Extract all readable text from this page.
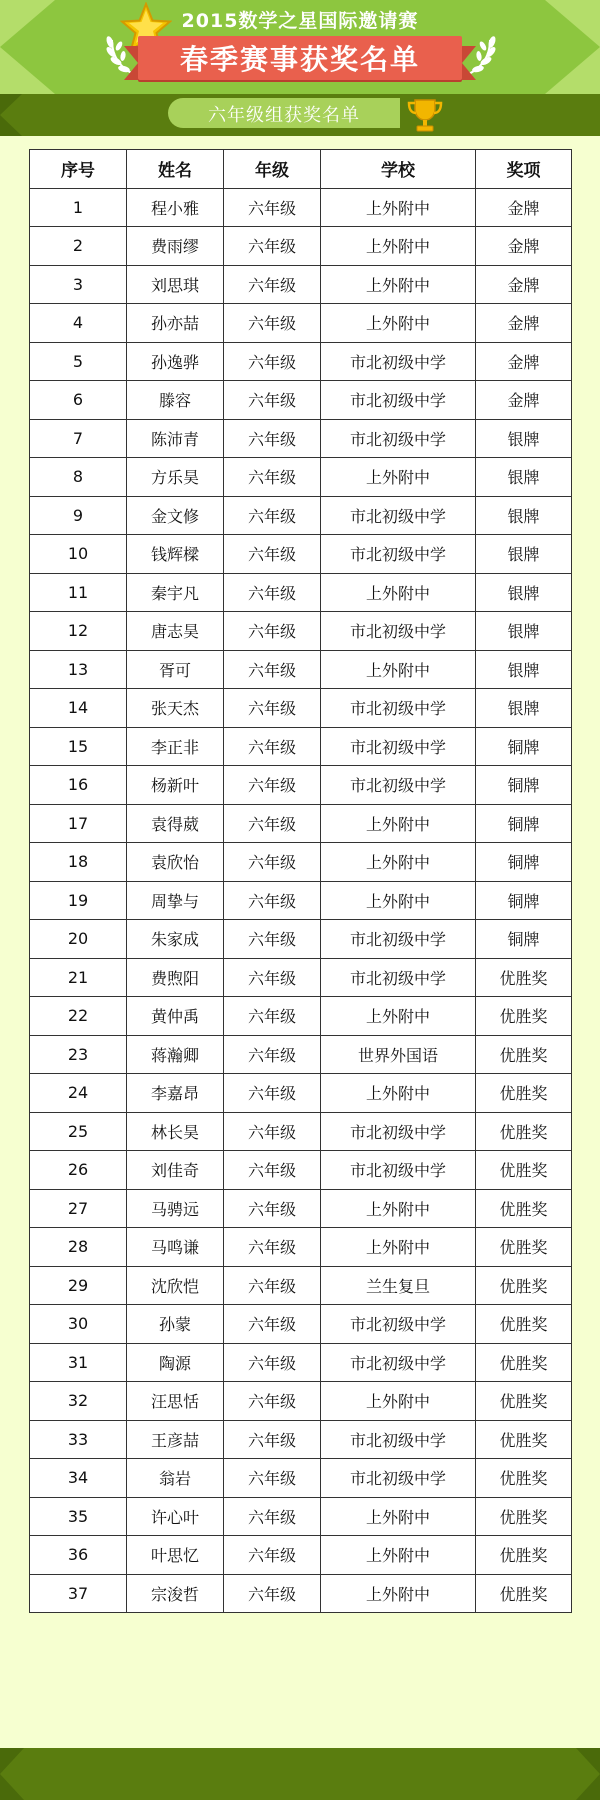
2015数学之星国际邀请赛
春季赛事获奖名单
六年级组获奖名单
序号	姓名	年级	学校	奖项
1	程小雅	六年级	上外附中	金牌
2	费雨缪	六年级	上外附中	金牌
3	刘思琪	六年级	上外附中	金牌
4	孙亦喆	六年级	上外附中	金牌
5	孙逸骅	六年级	市北初级中学	金牌
6	滕容	六年级	市北初级中学	金牌
7	陈沛青	六年级	市北初级中学	银牌
8	方乐昊	六年级	上外附中	银牌
9	金文修	六年级	市北初级中学	银牌
10	钱辉樑	六年级	市北初级中学	银牌
11	秦宇凡	六年级	上外附中	银牌
12	唐志昊	六年级	市北初级中学	银牌
13	胥可	六年级	上外附中	银牌
14	张天杰	六年级	市北初级中学	银牌
15	李正非	六年级	市北初级中学	铜牌
16	杨新叶	六年级	市北初级中学	铜牌
17	袁得葳	六年级	上外附中	铜牌
18	袁欣怡	六年级	上外附中	铜牌
19	周挚与	六年级	上外附中	铜牌
20	朱家成	六年级	市北初级中学	铜牌
21	费煦阳	六年级	市北初级中学	优胜奖
22	黄仲禹	六年级	上外附中	优胜奖
23	蒋瀚卿	六年级	世界外国语	优胜奖
24	李嘉昂	六年级	上外附中	优胜奖
25	林长昊	六年级	市北初级中学	优胜奖
26	刘佳奇	六年级	市北初级中学	优胜奖
27	马骋远	六年级	上外附中	优胜奖
28	马鸣谦	六年级	上外附中	优胜奖
29	沈欣恺	六年级	兰生复旦	优胜奖
30	孙蒙	六年级	市北初级中学	优胜奖
31	陶源	六年级	市北初级中学	优胜奖
32	汪思恬	六年级	上外附中	优胜奖
33	王彦喆	六年级	市北初级中学	优胜奖
34	翁岩	六年级	市北初级中学	优胜奖
35	许心叶	六年级	上外附中	优胜奖
36	叶思忆	六年级	上外附中	优胜奖
37	宗浚哲	六年级	上外附中	优胜奖
